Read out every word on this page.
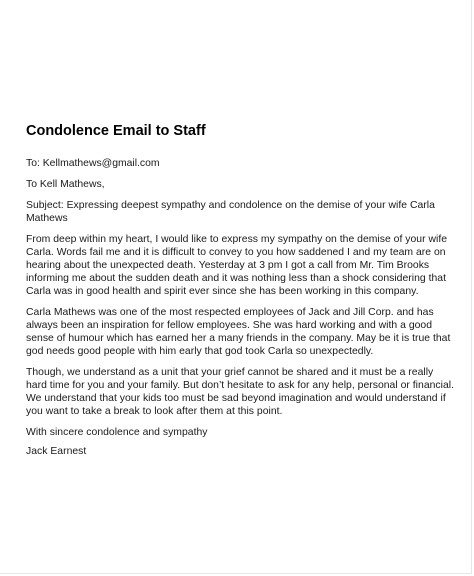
Condolence Email to Staff
To: Kellmathews@gmail.com
To Kell Mathews,
Subject: Expressing deepest sympathy and condolence on the demise of your wife Carla Mathews
From deep within my heart, I would like to express my sympathy on the demise of your wife Carla. Words fail me and it is difficult to convey to you how saddened I and my team are on hearing about the unexpected death. Yesterday at 3 pm I got a call from Mr. Tim Brooks informing me about the sudden death and it was nothing less than a shock considering that Carla was in good health and spirit ever since she has been working in this company.
Carla Mathews was one of the most respected employees of Jack and Jill Corp. and has always been an inspiration for fellow employees. She was hard working and with a good sense of humour which has earned her a many friends in the company. May be it is true that god needs good people with him early that god took Carla so unexpectedly.
Though, we understand as a unit that your grief cannot be shared and it must be a really hard time for you and your family. But don’t hesitate to ask for any help, personal or financial. We understand that your kids too must be sad beyond imagination and would understand if you want to take a break to look after them at this point.
With sincere condolence and sympathy
Jack Earnest
